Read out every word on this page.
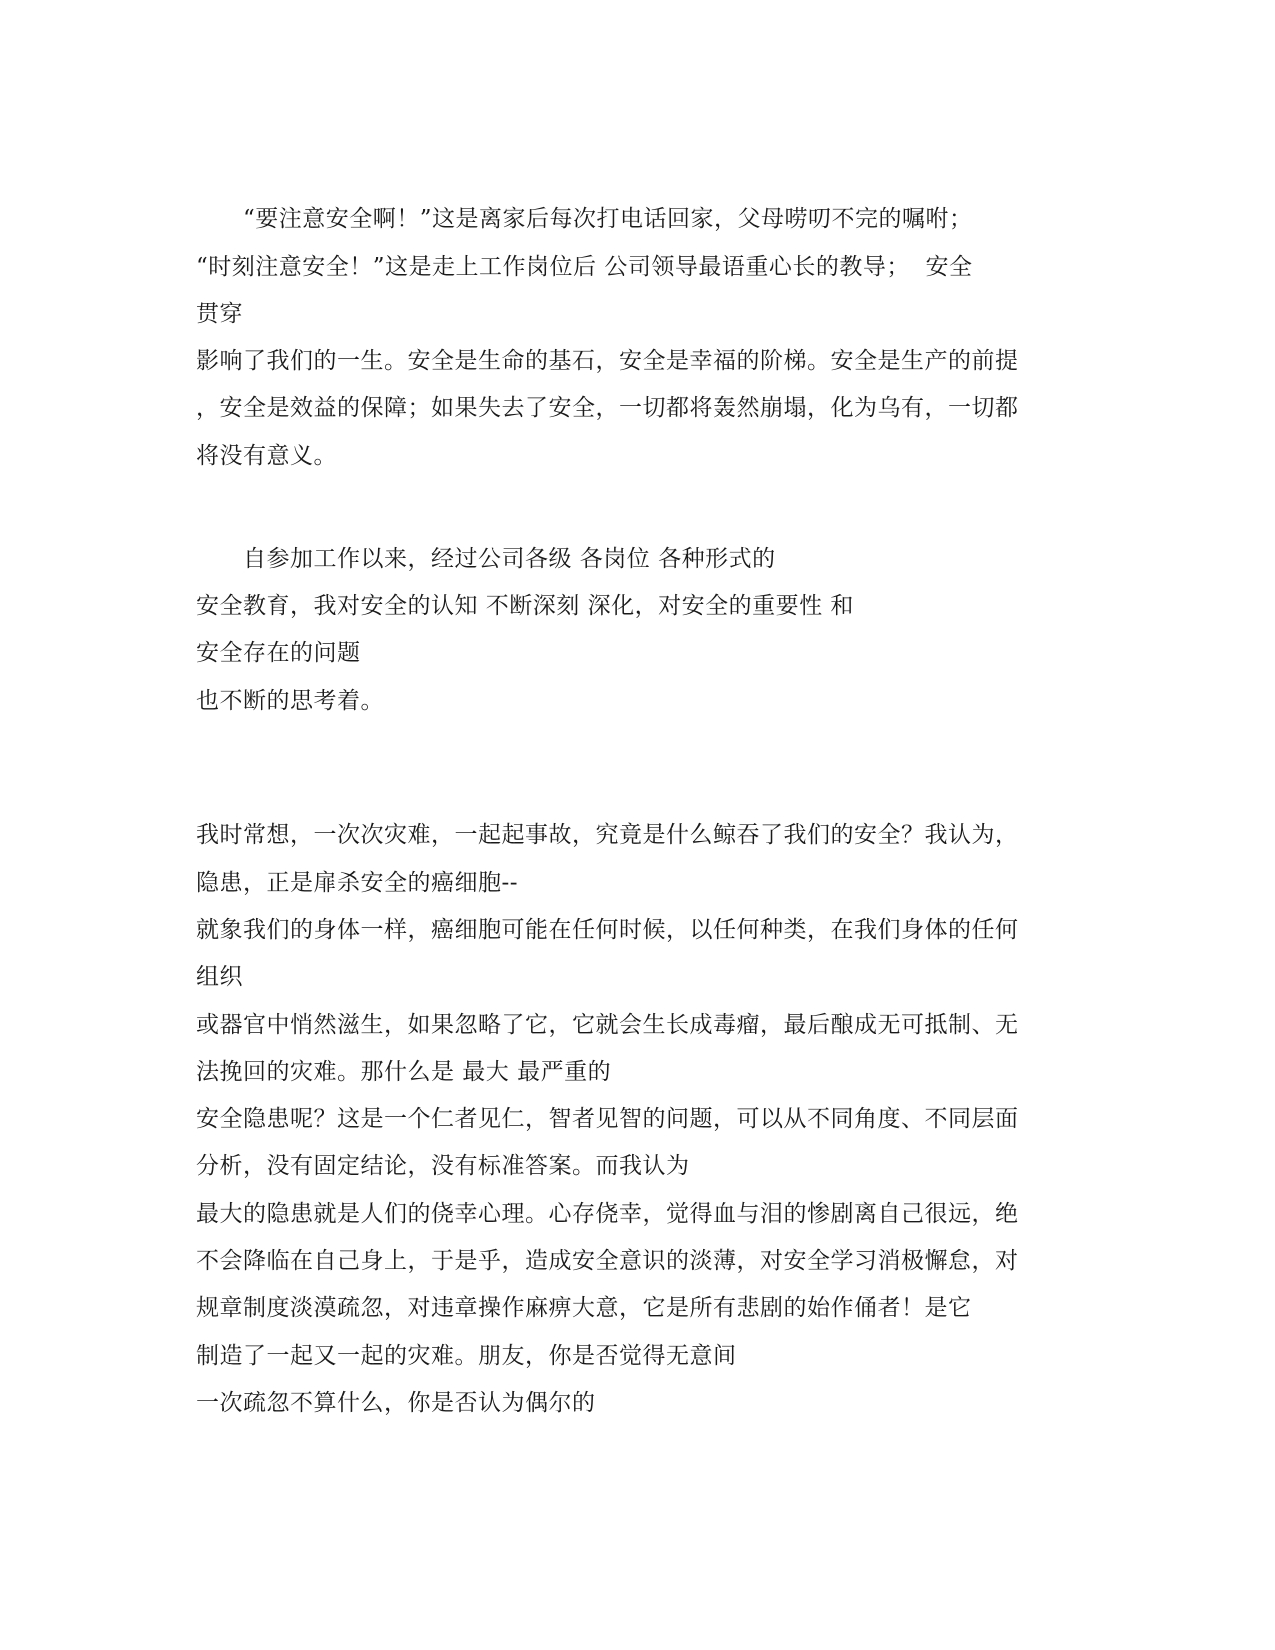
　　“要注意安全啊！”这是离家后每次打电话回家，父母唠叨不完的嘱咐；
“时刻注意安全！”这是走上工作岗位后 公司领导最语重心长的教导；  安全
贯穿
影响了我们的一生。安全是生命的基石，安全是幸福的阶梯。安全是生产的前提
，安全是效益的保障；如果失去了安全，一切都将轰然崩塌，化为乌有，一切都
将没有意义。
　　自参加工作以来，经过公司各级 各岗位 各种形式的
安全教育，我对安全的认知 不断深刻 深化，对安全的重要性 和
安全存在的问题
也不断的思考着。
我时常想，一次次灾难，一起起事故，究竟是什么鲸吞了我们的安全？我认为，
隐患，正是扉杀安全的癌细胞--
就象我们的身体一样，癌细胞可能在任何时候，以任何种类，在我们身体的任何
组织
或器官中悄然滋生，如果忽略了它，它就会生长成毒瘤，最后酿成无可抵制、无
法挽回的灾难。那什么是 最大 最严重的
安全隐患呢？这是一个仁者见仁，智者见智的问题，可以从不同角度、不同层面
分析，没有固定结论，没有标准答案。而我认为
最大的隐患就是人们的侥幸心理。心存侥幸，觉得血与泪的惨剧离自己很远，绝
不会降临在自己身上，于是乎，造成安全意识的淡薄，对安全学习消极懈怠，对
规章制度淡漠疏忽，对违章操作麻痹大意，它是所有悲剧的始作俑者！是它
制造了一起又一起的灾难。朋友，你是否觉得无意间
一次疏忽不算什么，你是否认为偶尔的
